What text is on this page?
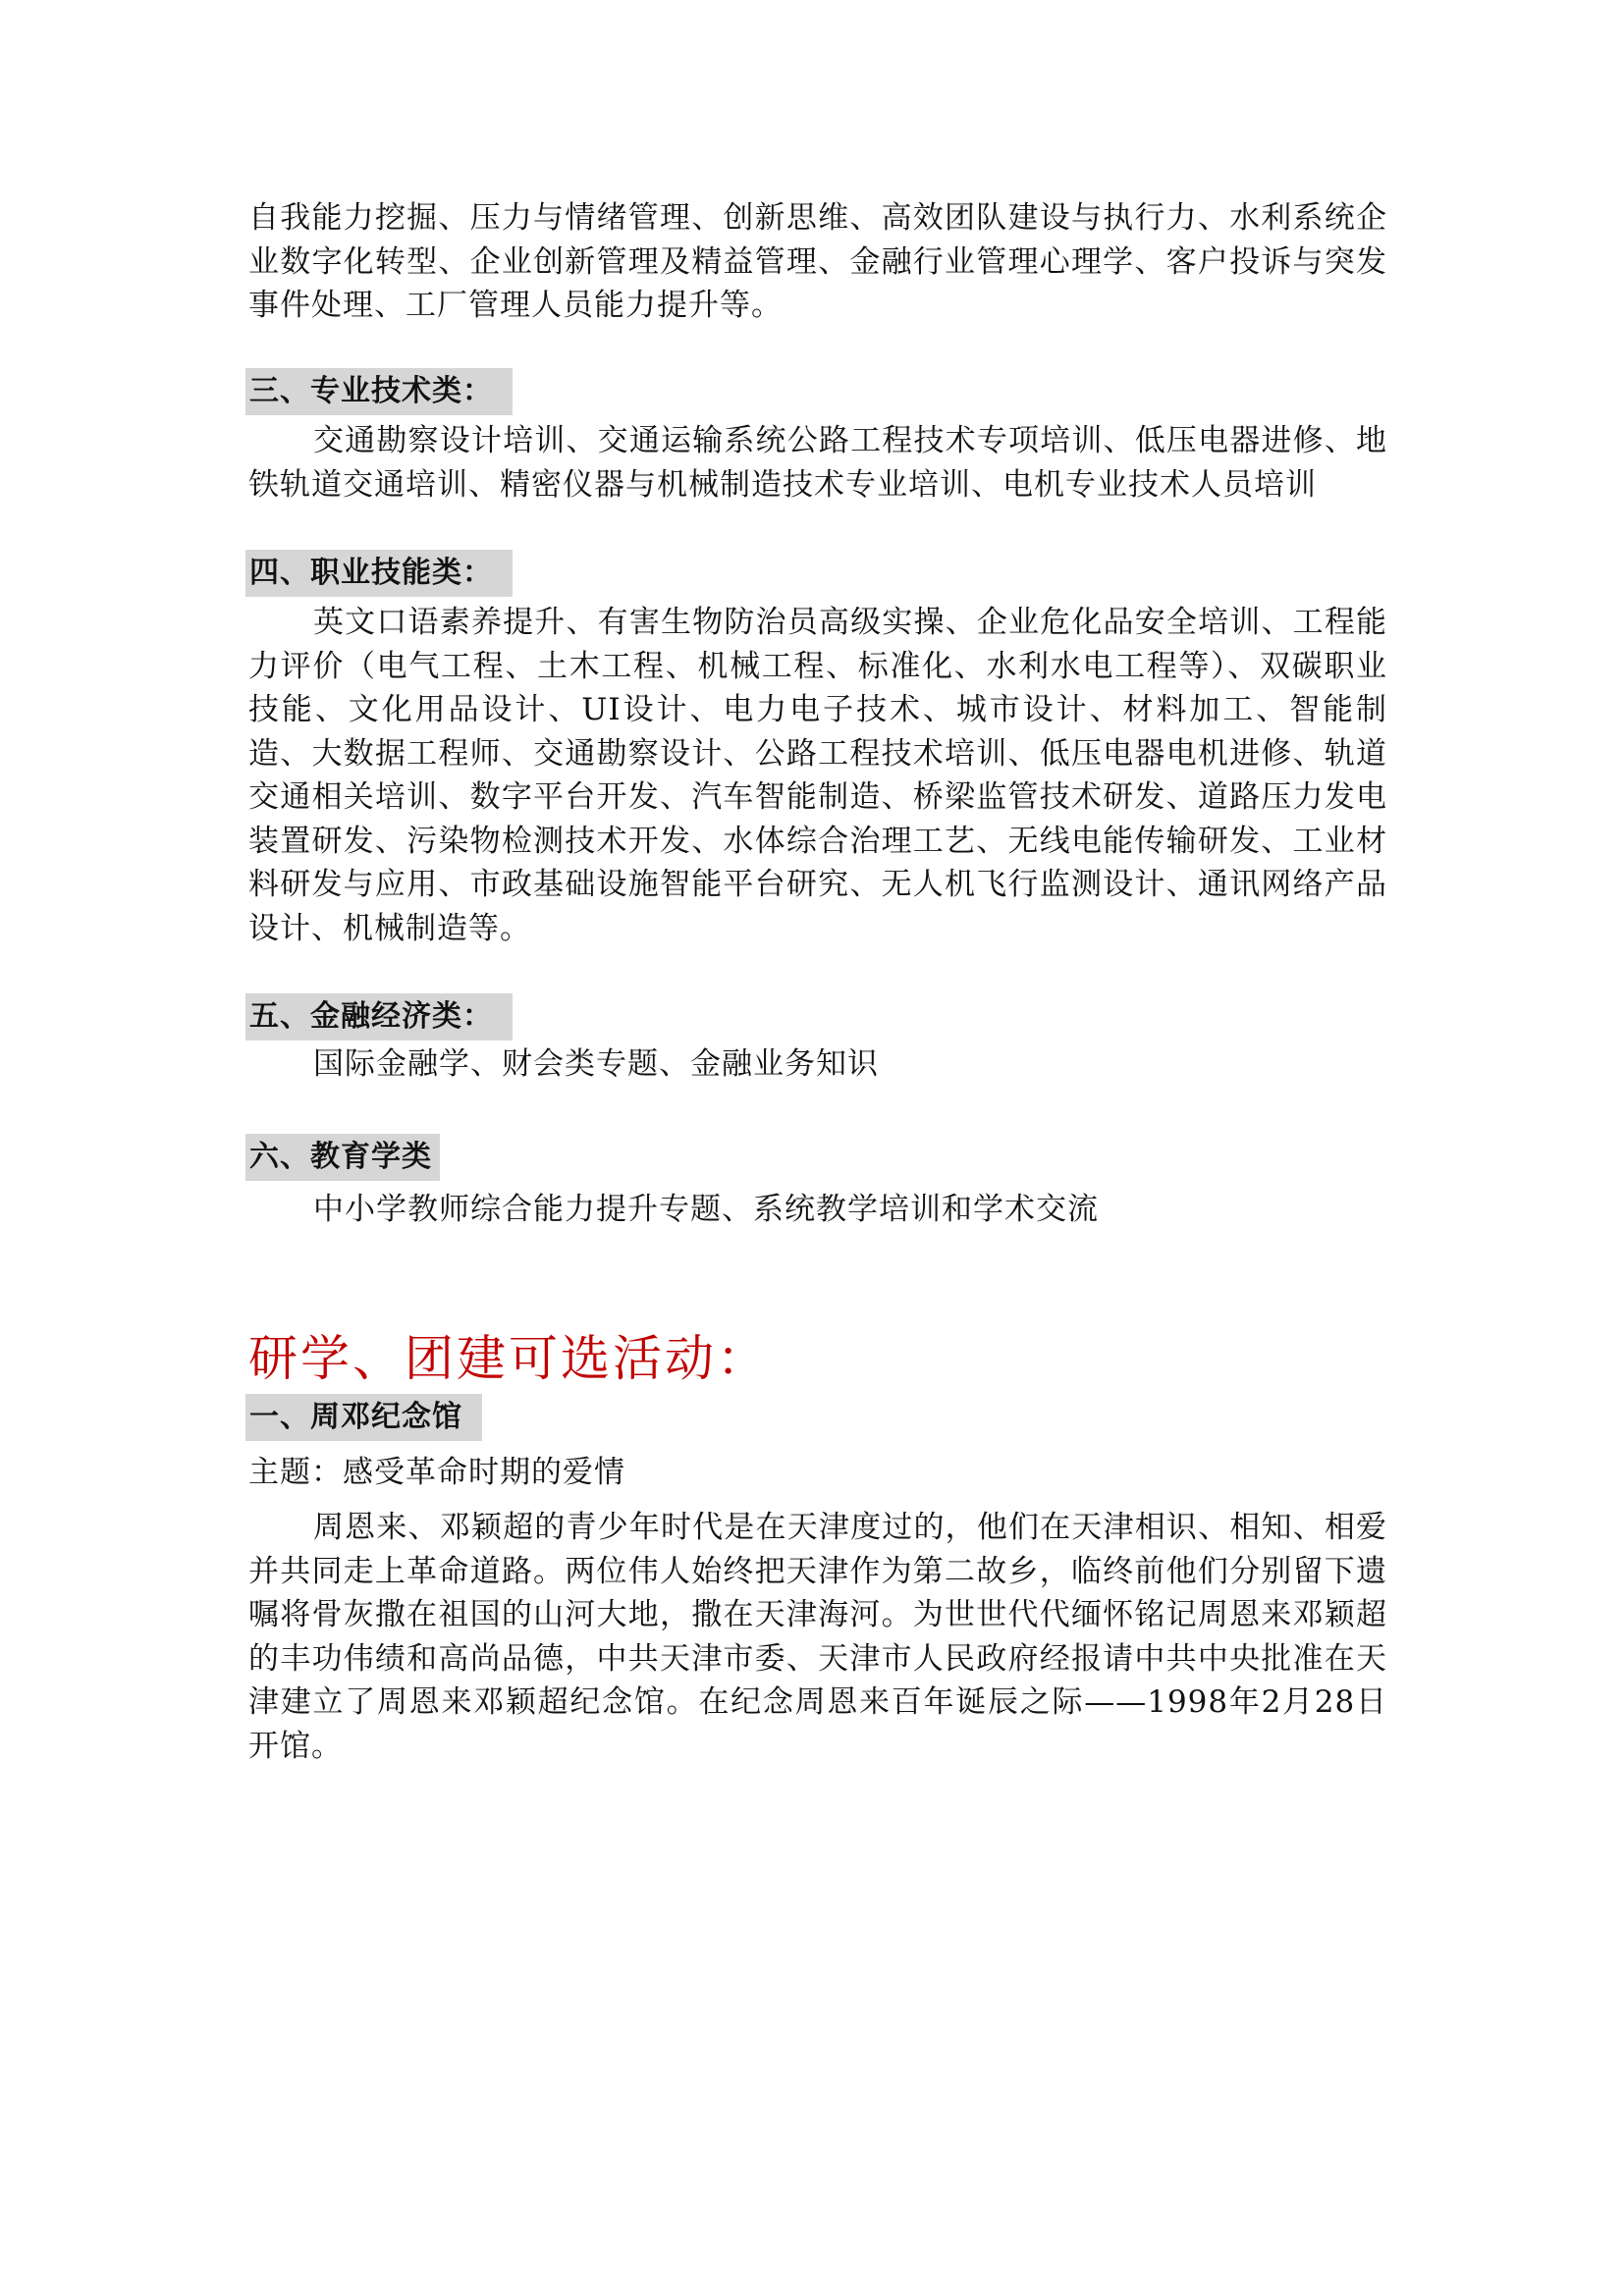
自我能力挖掘、压力与情绪管理、创新思维、高效团队建设与执行力、水利系统企业数字化转型、企业创新管理及精益管理、金融行业管理心理学、客户投诉与突发事件处理、工厂管理人员能力提升等。

三、专业技术类：

交通勘察设计培训、交通运输系统公路工程技术专项培训、低压电器进修、地铁轨道交通培训、精密仪器与机械制造技术专业培训、电机专业技术人员培训

四、职业技能类：

英文口语素养提升、有害生物防治员高级实操、企业危化品安全培训、工程能力评价（电气工程、土木工程、机械工程、标准化、水利水电工程等）、双碳职业技能、文化用品设计、UI设计、电力电子技术、城市设计、材料加工、智能制造、大数据工程师、交通勘察设计、公路工程技术培训、低压电器电机进修、轨道交通相关培训、数字平台开发、汽车智能制造、桥梁监管技术研发、道路压力发电装置研发、污染物检测技术开发、水体综合治理工艺、无线电能传输研发、工业材料研发与应用、市政基础设施智能平台研究、无人机飞行监测设计、通讯网络产品设计、机械制造等。

五、金融经济类：

国际金融学、财会类专题、金融业务知识

六、教育学类

中小学教师综合能力提升专题、系统教学培训和学术交流

研学、团建可选活动：
一、周邓纪念馆

主题：感受革命时期的爱情

周恩来、邓颖超的青少年时代是在天津度过的，他们在天津相识、相知、相爱并共同走上革命道路。两位伟人始终把天津作为第二故乡，临终前他们分别留下遗嘱将骨灰撒在祖国的山河大地，撒在天津海河。为世世代代缅怀铭记周恩来邓颖超的丰功伟绩和高尚品德，中共天津市委、天津市人民政府经报请中共中央批准在天津建立了周恩来邓颖超纪念馆。在纪念周恩来百年诞辰之际——1998年2月28日开馆。
